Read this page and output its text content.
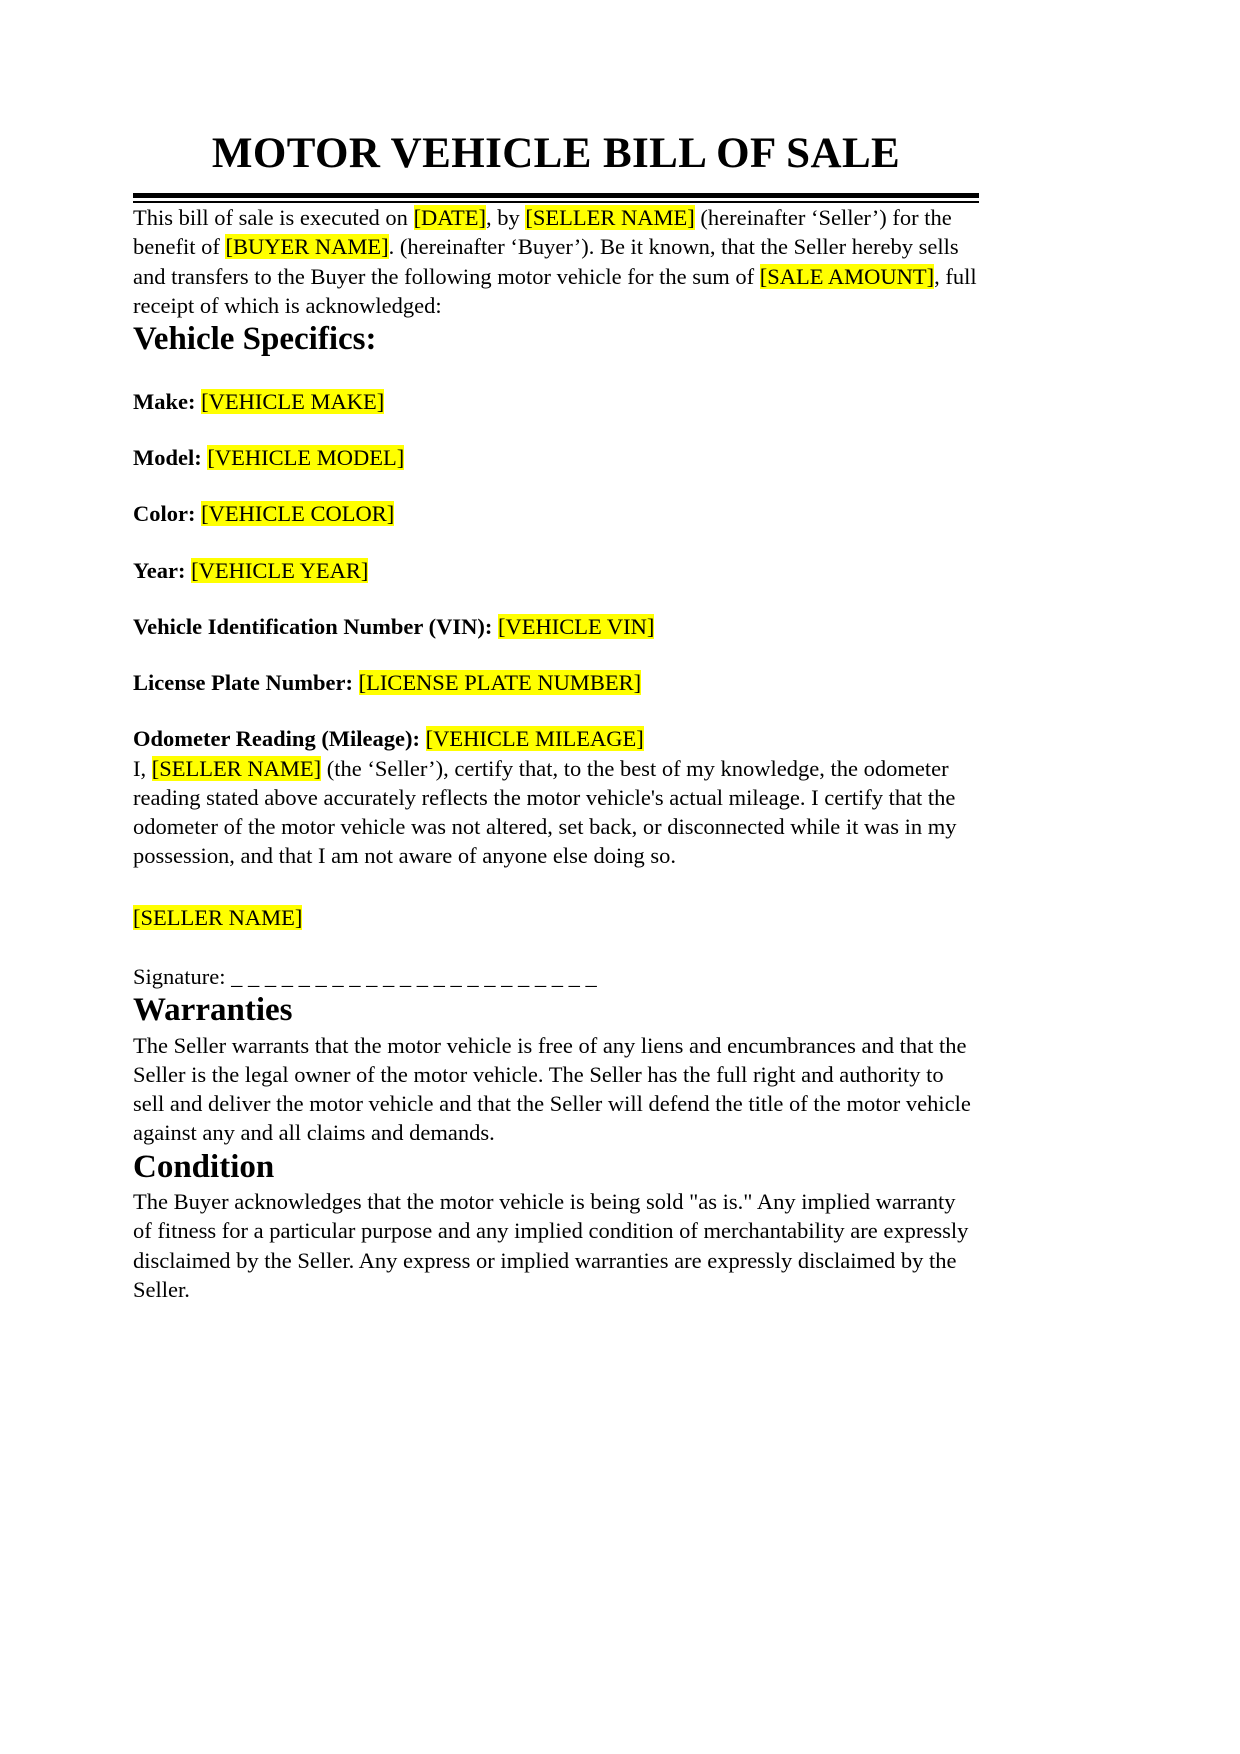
MOTOR VEHICLE BILL OF SALE

This bill of sale is executed on [DATE], by [SELLER NAME] (hereinafter ‘Seller’) for the benefit of [BUYER NAME]. (hereinafter ‘Buyer’). Be it known, that the Seller hereby sells and transfers to the Buyer the following motor vehicle for the sum of [SALE AMOUNT], full receipt of which is acknowledged:

Vehicle Specifics:
Make: [VEHICLE MAKE]
Model: [VEHICLE MODEL]
Color: [VEHICLE COLOR]
Year: [VEHICLE YEAR]
Vehicle Identification Number (VIN): [VEHICLE VIN]
License Plate Number: [LICENSE PLATE NUMBER]
Odometer Reading (Mileage): [VEHICLE MILEAGE]

I, [SELLER NAME] (the ‘Seller’), certify that, to the best of my knowledge, the odometer reading stated above accurately reflects the motor vehicle's actual mileage. I certify that the odometer of the motor vehicle was not altered, set back, or disconnected while it was in my possession, and that I am not aware of anyone else doing so.

[SELLER NAME]
Signature: _ _ _ _ _ _ _ _ _ _ _ _ _ _ _ _ _ _ _ _ _ _
Warranties

The Seller warrants that the motor vehicle is free of any liens and encumbrances and that the Seller is the legal owner of the motor vehicle. The Seller has the full right and authority to sell and deliver the motor vehicle and that the Seller will defend the title of the motor vehicle against any and all claims and demands.

Condition

The Buyer acknowledges that the motor vehicle is being sold "as is." Any implied warranty of fitness for a particular purpose and any implied condition of merchantability are expressly disclaimed by the Seller. Any express or implied warranties are expressly disclaimed by the Seller.
